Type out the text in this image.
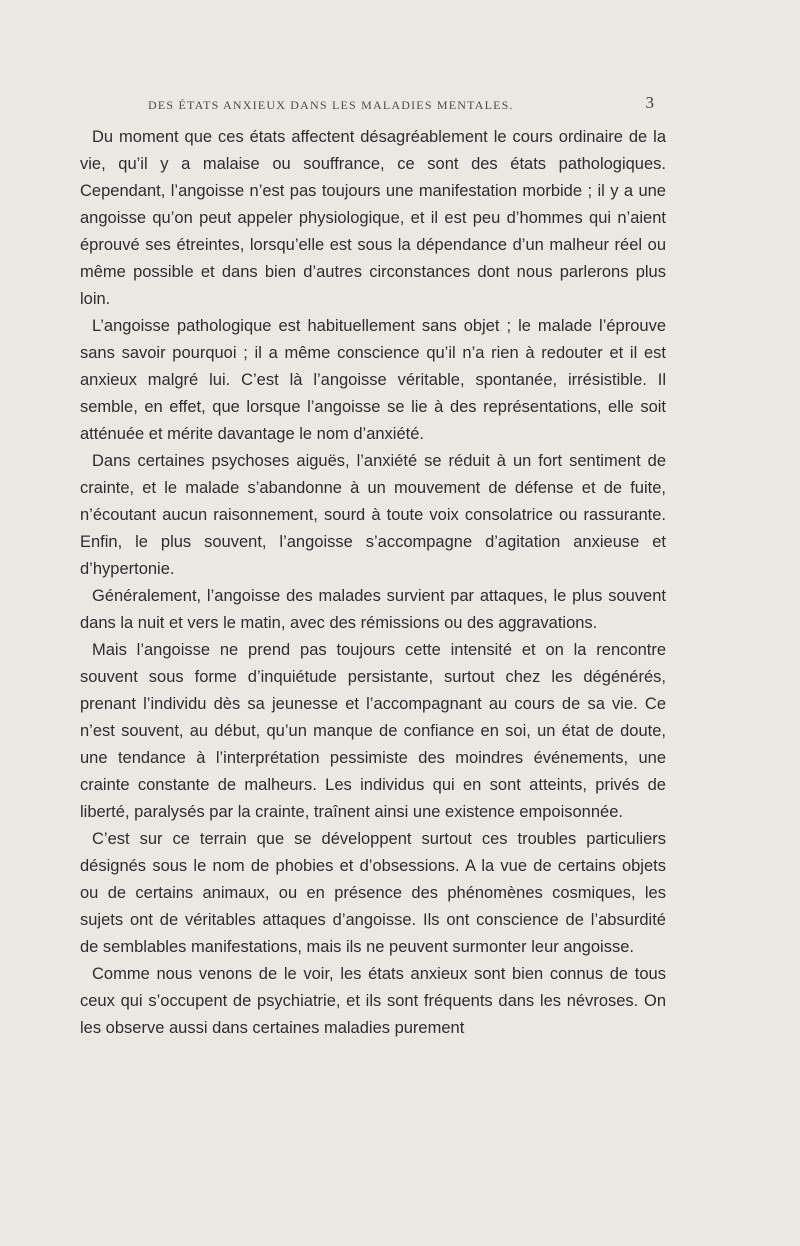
DES ÉTATS ANXIEUX DANS LES MALADIES MENTALES.	3

Du moment que ces états affectent désagréablement le cours ordinaire de la vie, qu’il y a malaise ou souffrance, ce sont des états pathologiques. Cependant, l’angoisse n’est pas toujours une manifestation morbide ; il y a une angoisse qu’on peut appeler physiologique, et il est peu d’hommes qui n’aient éprouvé ses étreintes, lorsqu’elle est sous la dépendance d’un malheur réel ou même possible et dans bien d’autres circonstances dont nous parlerons plus loin.

L’angoisse pathologique est habituellement sans objet ; le malade l’éprouve sans savoir pourquoi ; il a même conscience qu’il n’a rien à redouter et il est anxieux malgré lui. C’est là l’angoisse véritable, spontanée, irrésistible. Il semble, en effet, que lorsque l’angoisse se lie à des représentations, elle soit atténuée et mérite davantage le nom d’anxiété.

Dans certaines psychoses aiguës, l’anxiété se réduit à un fort sentiment de crainte, et le malade s’abandonne à un mouvement de défense et de fuite, n’écoutant aucun raisonnement, sourd à toute voix consolatrice ou rassurante. Enfin, le plus souvent, l’angoisse s’accompagne d’agitation anxieuse et d’hypertonie.

Généralement, l’angoisse des malades survient par attaques, le plus souvent dans la nuit et vers le matin, avec des rémissions ou des aggravations.

Mais l’angoisse ne prend pas toujours cette intensité et on la rencontre souvent sous forme d’inquiétude persistante, surtout chez les dégénérés, prenant l’individu dès sa jeunesse et l’accompagnant au cours de sa vie. Ce n’est souvent, au début, qu’un manque de confiance en soi, un état de doute, une tendance à l’interprétation pessimiste des moindres événements, une crainte constante de malheurs. Les individus qui en sont atteints, privés de liberté, paralysés par la crainte, traînent ainsi une existence empoisonnée.

C’est sur ce terrain que se développent surtout ces troubles particuliers désignés sous le nom de phobies et d’obsessions. A la vue de certains objets ou de certains animaux, ou en présence des phénomènes cosmiques, les sujets ont de véritables attaques d’angoisse. Ils ont conscience de l’absurdité de semblables manifestations, mais ils ne peuvent surmonter leur angoisse.

Comme nous venons de le voir, les états anxieux sont bien connus de tous ceux qui s’occupent de psychiatrie, et ils sont fréquents dans les névroses. On les observe aussi dans certaines maladies purement
